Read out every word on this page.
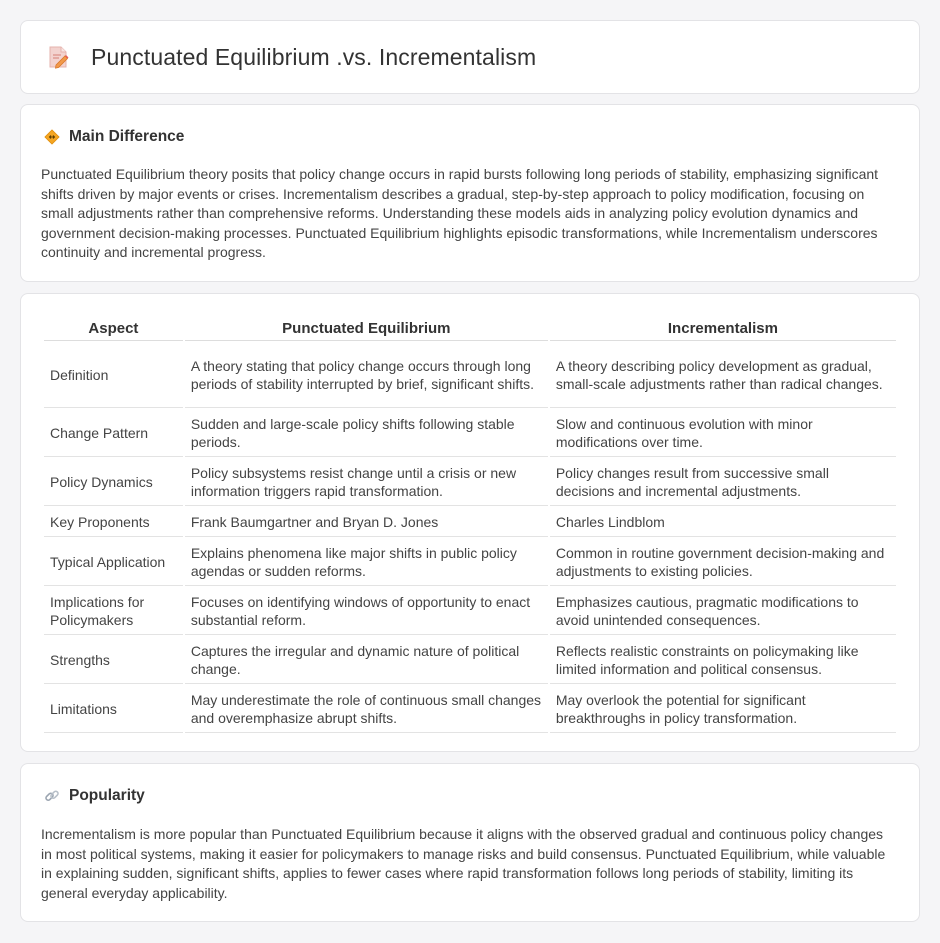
Punctuated Equilibrium .vs. Incrementalism
Main Difference

Punctuated Equilibrium theory posits that policy change occurs in rapid bursts following long periods of stability, emphasizing significant shifts driven by major events or crises. Incrementalism describes a gradual, step-by-step approach to policy modification, focusing on small adjustments rather than comprehensive reforms. Understanding these models aids in analyzing policy evolution dynamics and government decision-making processes. Punctuated Equilibrium highlights episodic transformations, while Incrementalism underscores continuity and incremental progress.

Aspect	Punctuated Equilibrium	Incrementalism
Definition	A theory stating that policy change occurs through long periods of stability interrupted by brief, significant shifts.	A theory describing policy development as gradual, small-scale adjustments rather than radical changes.
Change Pattern	Sudden and large-scale policy shifts following stable periods.	Slow and continuous evolution with minor modifications over time.
Policy Dynamics	Policy subsystems resist change until a crisis or new information triggers rapid transformation.	Policy changes result from successive small decisions and incremental adjustments.
Key Proponents	Frank Baumgartner and Bryan D. Jones	Charles Lindblom
Typical Application	Explains phenomena like major shifts in public policy agendas or sudden reforms.	Common in routine government decision-making and adjustments to existing policies.
Implications for Policymakers	Focuses on identifying windows of opportunity to enact substantial reform.	Emphasizes cautious, pragmatic modifications to avoid unintended consequences.
Strengths	Captures the irregular and dynamic nature of political change.	Reflects realistic constraints on policymaking like limited information and political consensus.
Limitations	May underestimate the role of continuous small changes and overemphasize abrupt shifts.	May overlook the potential for significant breakthroughs in policy transformation.
Popularity

Incrementalism is more popular than Punctuated Equilibrium because it aligns with the observed gradual and continuous policy changes in most political systems, making it easier for policymakers to manage risks and build consensus. Punctuated Equilibrium, while valuable in explaining sudden, significant shifts, applies to fewer cases where rapid transformation follows long periods of stability, limiting its general everyday applicability.
